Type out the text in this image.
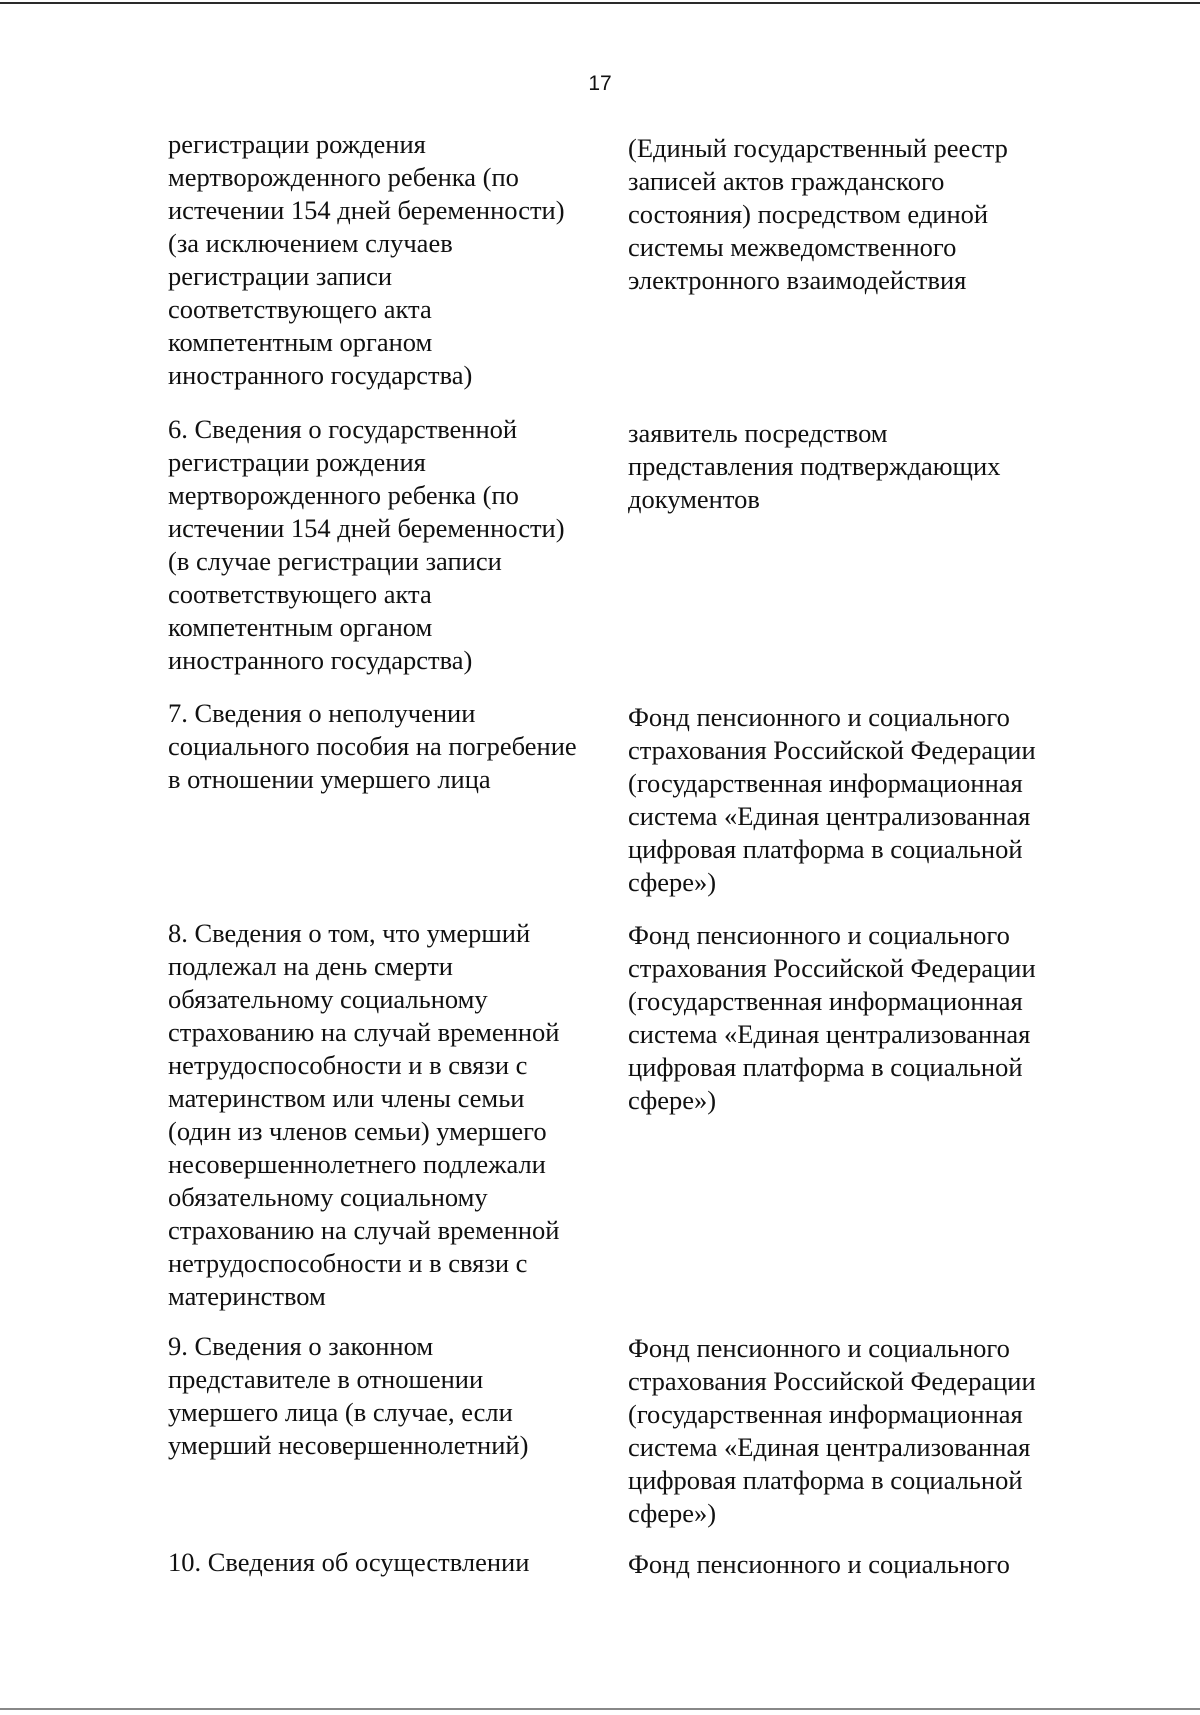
17
регистрации рождения
мертворожденного ребенка (по
истечении 154 дней беременности)
(за исключением случаев
регистрации записи
соответствующего акта
компетентным органом
иностранного государства)
(Единый государственный реестр
записей актов гражданского
состояния) посредством единой
системы межведомственного
электронного взаимодействия
6. Сведения о государственной
регистрации рождения
мертворожденного ребенка (по
истечении 154 дней беременности)
(в случае регистрации записи
соответствующего акта
компетентным органом
иностранного государства)
заявитель посредством
представления подтверждающих
документов
7. Сведения о неполучении
социального пособия на погребение
в отношении умершего лица
Фонд пенсионного и социального
страхования Российской Федерации
(государственная информационная
система «Единая централизованная
цифровая платформа в социальной
сфере»)
8. Сведения о том, что умерший
подлежал на день смерти
обязательному социальному
страхованию на случай временной
нетрудоспособности и в связи с
материнством или члены семьи
(один из членов семьи) умершего
несовершеннолетнего подлежали
обязательному социальному
страхованию на случай временной
нетрудоспособности и в связи с
материнством
Фонд пенсионного и социального
страхования Российской Федерации
(государственная информационная
система «Единая централизованная
цифровая платформа в социальной
сфере»)
9. Сведения о законном
представителе в отношении
умершего лица (в случае, если
умерший несовершеннолетний)
Фонд пенсионного и социального
страхования Российской Федерации
(государственная информационная
система «Единая централизованная
цифровая платформа в социальной
сфере»)
10. Сведения об осуществлении	Фонд пенсионного и социального
